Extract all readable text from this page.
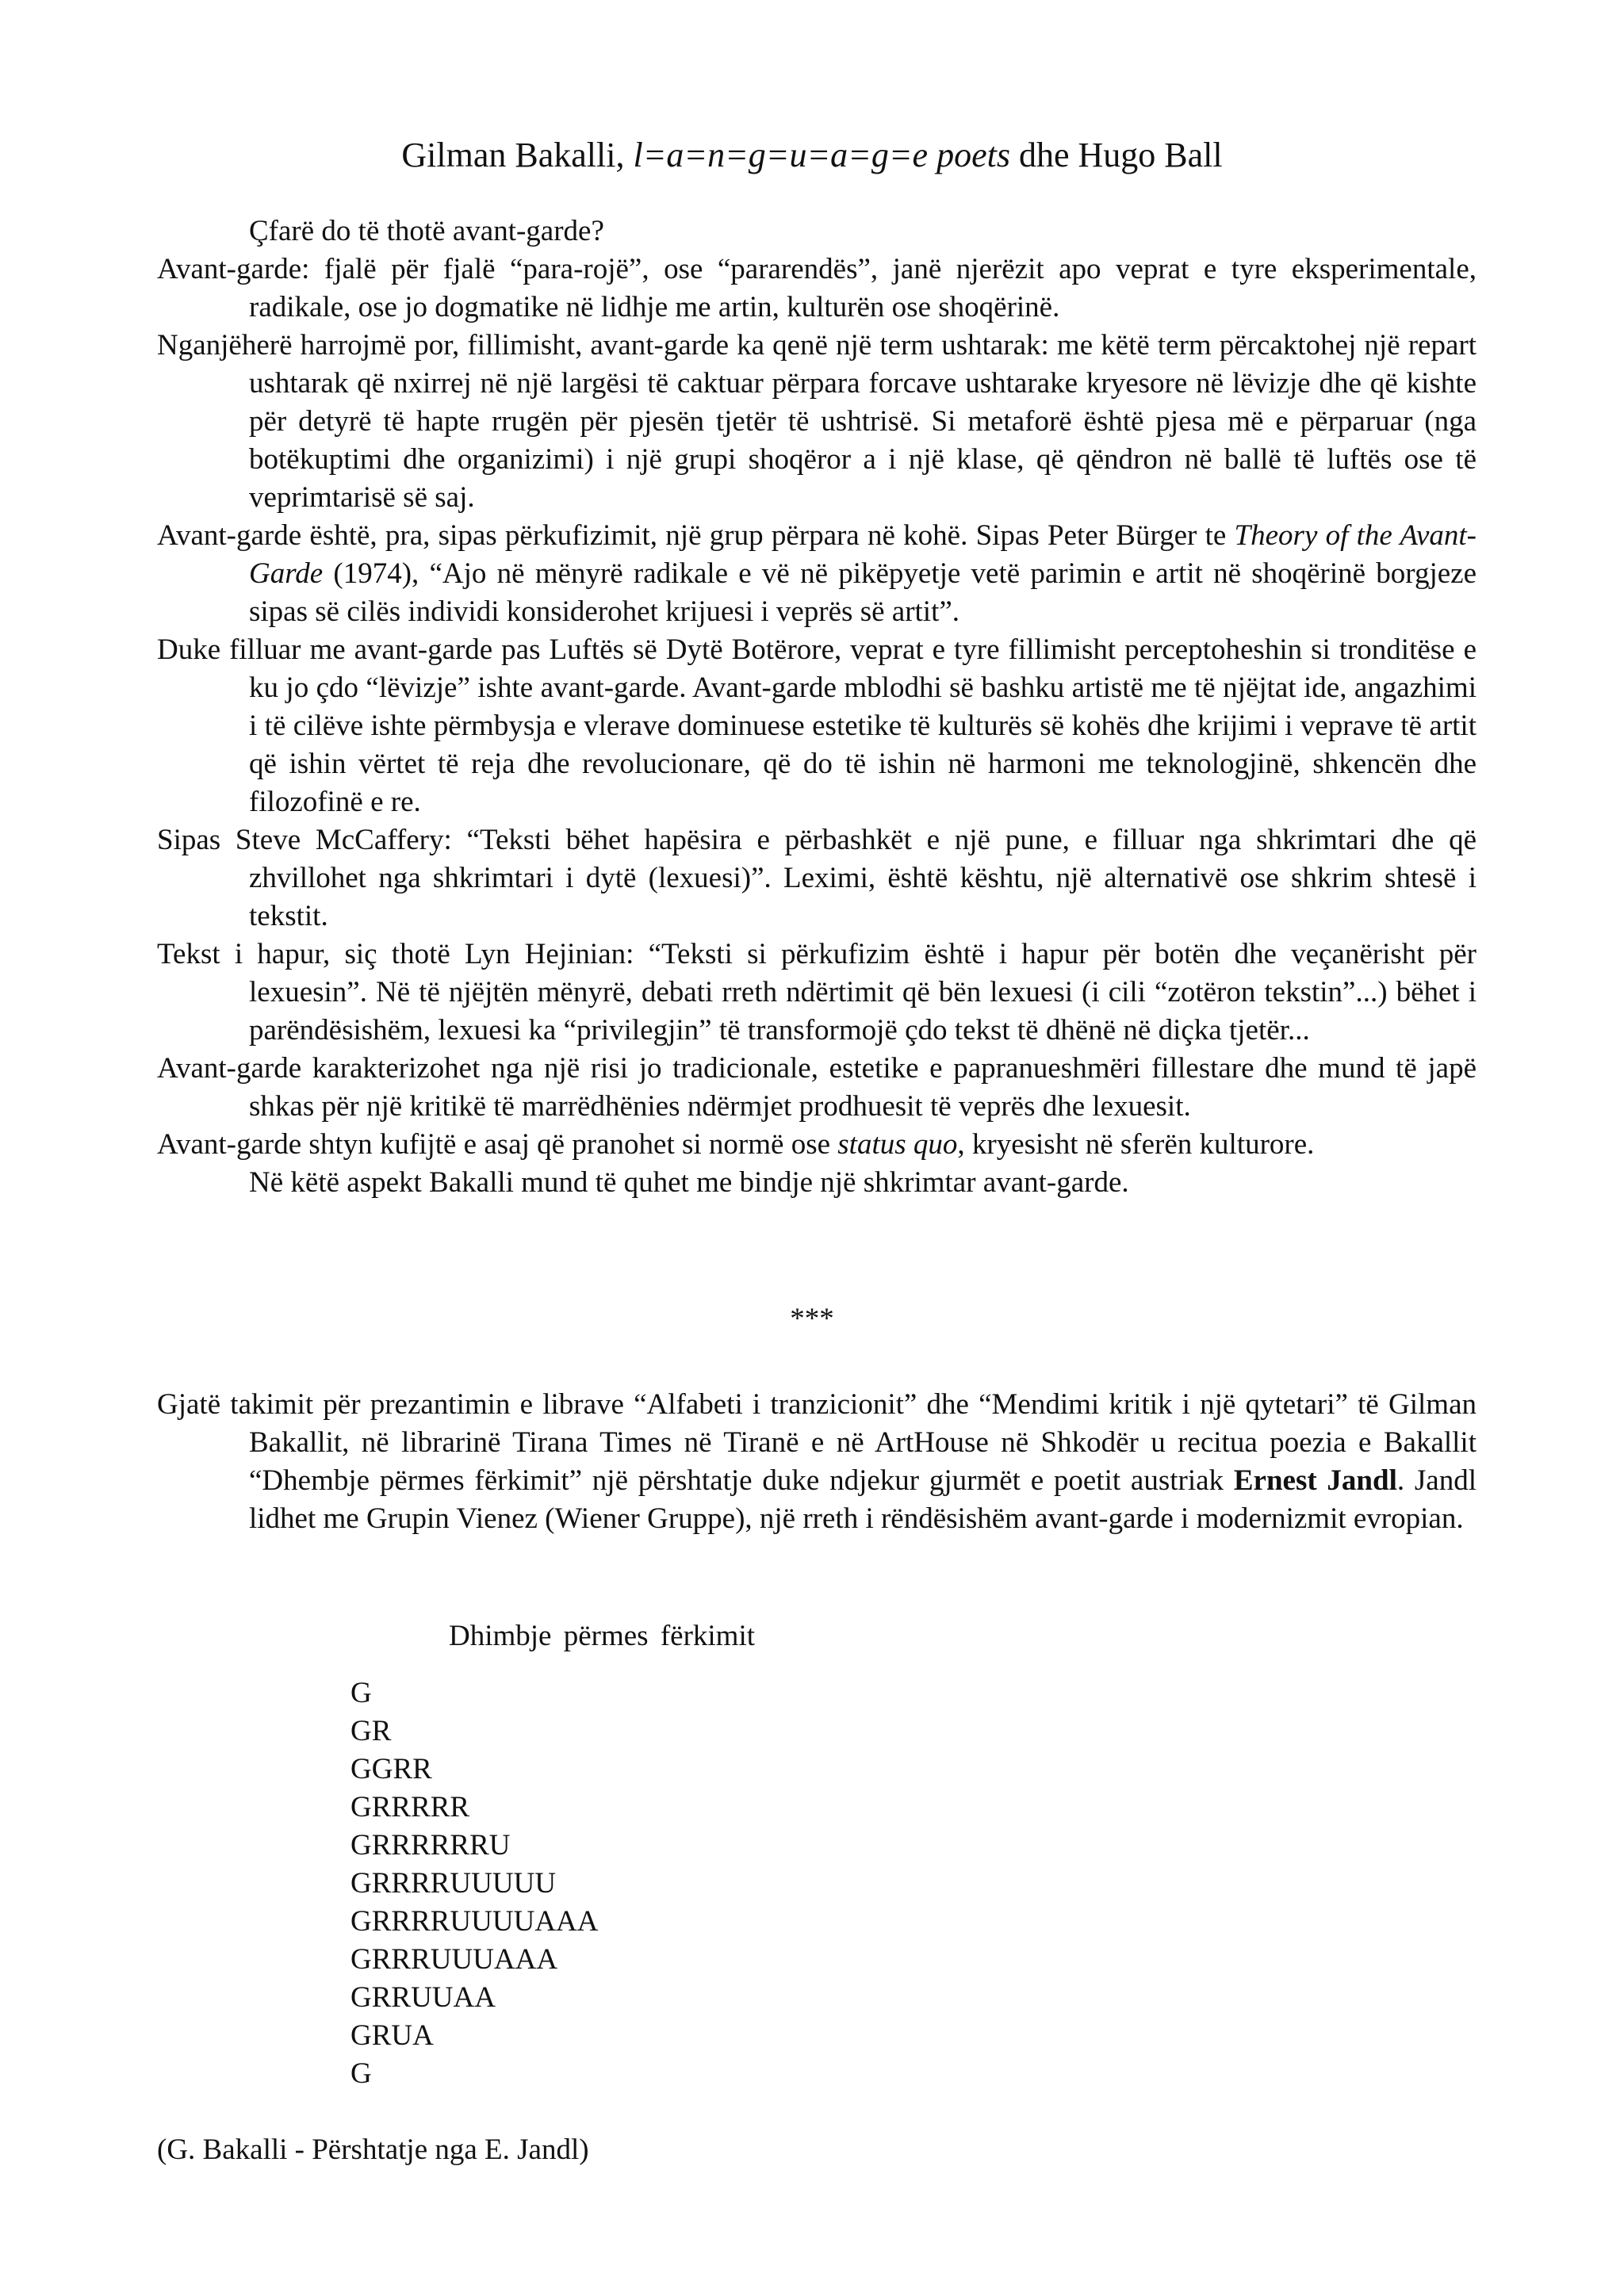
Gilman Bakalli, l=a=n=g=u=a=g=e poets dhe Hugo Ball

Çfarë do të thotë avant-garde?

Avant-garde: fjalë për fjalë “para-rojë”, ose “pararendës”, janë njerëzit apo veprat e tyre eksperimentale, radikale, ose jo dogmatike në lidhje me artin, kulturën ose shoqërinë.

Nganjëherë harrojmë por, fillimisht, avant-garde ka qenë një term ushtarak: me këtë term përcaktohej një repart ushtarak që nxirrej në një largësi të caktuar përpara forcave ushtarake kryesore në lëvizje dhe që kishte për detyrë të hapte rrugën për pjesën tjetër të ushtrisë. Si metaforë është pjesa më e përparuar (nga botëkuptimi dhe organizimi) i një grupi shoqëror a i një klase, që qëndron në ballë të luftës ose të veprimtarisë së saj.

Avant-garde është, pra, sipas përkufizimit, një grup përpara në kohë. Sipas Peter Bürger te Theory of the Avant-Garde (1974), “Ajo në mënyrë radikale e vë në pikëpyetje vetë parimin e artit në shoqërinë borgjeze sipas së cilës individi konsiderohet krijuesi i veprës së artit”.

Duke filluar me avant-garde pas Luftës së Dytë Botërore, veprat e tyre fillimisht perceptoheshin si tronditëse e ku jo çdo “lëvizje” ishte avant-garde. Avant-garde mblodhi së bashku artistë me të njëjtat ide, angazhimi i të cilëve ishte përmbysja e vlerave dominuese estetike të kulturës së kohës dhe krijimi i veprave të artit që ishin vërtet të reja dhe revolucionare, që do të ishin në harmoni me teknologjinë, shkencën dhe filozofinë e re.

Sipas Steve McCaffery: “Teksti bëhet hapësira e përbashkët e një pune, e filluar nga shkrimtari dhe që zhvillohet nga shkrimtari i dytë (lexuesi)”. Leximi, është kështu, një alternativë ose shkrim shtesë i tekstit.

Tekst i hapur, siç thotë Lyn Hejinian: “Teksti si përkufizim është i hapur për botën dhe veçanërisht për lexuesin”. Në të njëjtën mënyrë, debati rreth ndërtimit që bën lexuesi (i cili “zotëron tekstin”...) bëhet i parëndësishëm, lexuesi ka “privilegjin” të transformojë çdo tekst të dhënë në diçka tjetër...

Avant-garde karakterizohet nga një risi jo tradicionale, estetike e papranueshmëri fillestare dhe mund të japë shkas për një kritikë të marrëdhënies ndërmjet prodhuesit të veprës dhe lexuesit.

Avant-garde shtyn kufijtë e asaj që pranohet si normë ose status quo, kryesisht në sferën kulturore.

Në këtë aspekt Bakalli mund të quhet me bindje një shkrimtar avant-garde.

***

Gjatë takimit për prezantimin e librave “Alfabeti i tranzicionit” dhe “Mendimi kritik i një qytetari” të Gilman Bakallit, në librarinë Tirana Times në Tiranë e në ArtHouse në Shkodër u recitua poezia e Bakallit “Dhembje përmes fërkimit” një përshtatje duke ndjekur gjurmët e poetit austriak Ernest Jandl. Jandl lidhet me Grupin Vienez (Wiener Gruppe), një rreth i rëndësishëm avant-garde i modernizmit evropian.

Dhimbje përmes fërkimit
G
GR
GGRR
GRRRRR
GRRRRRRU
GRRRRUUUUU
GRRRRUUUUAAA
GRRRUUUAAA
GRRUUAA
GRUA
G
(G. Bakalli - Përshtatje nga E. Jandl)
